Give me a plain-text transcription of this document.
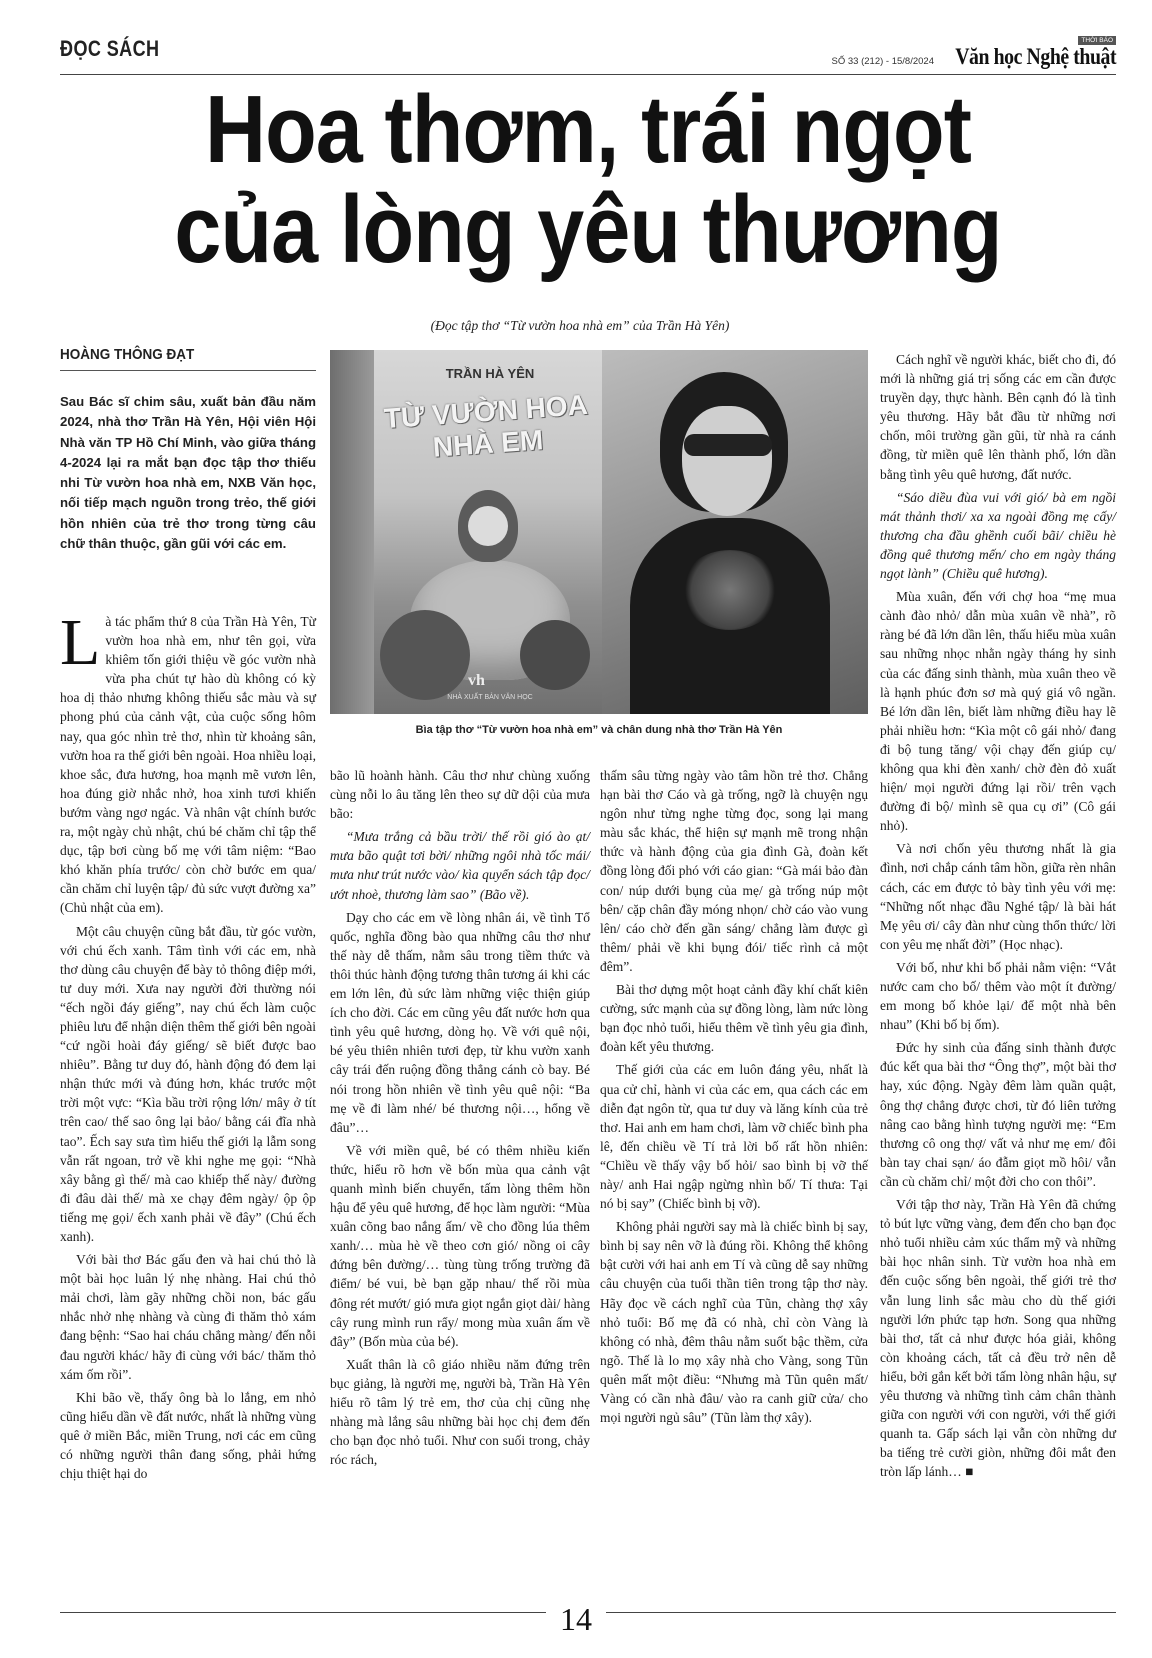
ĐỌC SÁCH
SỐ 33 (212) - 15/8/2024
THỜI BÁO
Văn học Nghệ thuật
Hoa thơm, trái ngọt
của lòng yêu thương
(Đọc tập thơ “Từ vườn hoa nhà em” của Trần Hà Yên)
HOÀNG THÔNG ĐẠT
Sau Bác sĩ chim sâu, xuất bản đầu năm 2024, nhà thơ Trần Hà Yên, Hội viên Hội Nhà văn TP Hồ Chí Minh, vào giữa tháng 4-2024 lại ra mắt bạn đọc tập thơ thiếu nhi Từ vườn hoa nhà em, NXB Văn học, nối tiếp mạch nguồn trong trẻo, thế giới hồn nhiên của trẻ thơ trong từng câu chữ thân thuộc, gần gũi với các em.
TRẦN HÀ YÊN
TỪ VƯỜN HOA NHÀ EM
vh
NHÀ XUẤT BẢN VĂN HỌC
Bìa tập thơ “Từ vườn hoa nhà em” và chân dung nhà thơ Trần Hà Yên

Là tác phẩm thứ 8 của Trần Hà Yên, Từ vườn hoa nhà em, như tên gọi, vừa khiêm tốn giới thiệu về góc vườn nhà vừa pha chút tự hào dù không có kỳ hoa dị thảo nhưng không thiếu sắc màu và sự phong phú của cảnh vật, của cuộc sống hôm nay, qua góc nhìn trẻ thơ, nhìn từ khoảng sân, vườn hoa ra thế giới bên ngoài. Hoa nhiều loại, khoe sắc, đưa hương, hoa mạnh mẽ vươn lên, hoa đúng giờ nhắc nhở, hoa xinh tươi khiến bướm vàng ngơ ngác. Và nhân vật chính bước ra, một ngày chủ nhật, chú bé chăm chỉ tập thể dục, tập bơi cùng bố mẹ với tâm niệm: “Bao khó khăn phía trước/ còn chờ bước em qua/ cần chăm chỉ luyện tập/ đủ sức vượt đường xa” (Chủ nhật của em).

Một câu chuyện cũng bắt đầu, từ góc vườn, với chú ếch xanh. Tâm tình với các em, nhà thơ dùng câu chuyện để bày tỏ thông điệp mới, tư duy mới. Xưa nay người đời thường nói “ếch ngồi đáy giếng”, nay chú ếch làm cuộc phiêu lưu để nhận diện thêm thế giới bên ngoài “cứ ngồi hoài đáy giếng/ sẽ biết được bao nhiêu”. Bằng tư duy đó, hành động đó đem lại nhận thức mới và đúng hơn, khác trước một trời một vực: “Kìa bầu trời rộng lớn/ mây ở tít trên cao/ thế sao ông lại bảo/ bằng cái đĩa nhà tao”. Ếch say sưa tìm hiểu thế giới lạ lẫm song vẫn rất ngoan, trở về khi nghe mẹ gọi: “Nhà xây bằng gì thế/ mà cao khiếp thế này/ đường đi đâu dài thế/ mà xe chạy đêm ngày/ ộp ộp tiếng mẹ gọi/ ếch xanh phải về đây” (Chú ếch xanh).

Với bài thơ Bác gấu đen và hai chú thỏ là một bài học luân lý nhẹ nhàng. Hai chú thỏ mải chơi, làm gãy những chồi non, bác gấu nhắc nhở nhẹ nhàng và cùng đi thăm thỏ xám đang bệnh: “Sao hai cháu chẳng màng/ đến nỗi đau người khác/ hãy đi cùng với bác/ thăm thỏ xám ốm rồi”.

Khi bão về, thấy ông bà lo lắng, em nhỏ cũng hiểu dần về đất nước, nhất là những vùng quê ở miền Bắc, miền Trung, nơi các em cũng có những người thân đang sống, phải hứng chịu thiệt hại do

bão lũ hoành hành. Câu thơ như chùng xuống cùng nỗi lo âu tăng lên theo sự dữ dội của mưa bão:

“Mưa trắng cả bầu trời/ thế rồi gió ào ạt/ mưa bão quật tơi bời/ những ngôi nhà tốc mái/ mưa như trút nước vào/ kìa quyển sách tập đọc/ ướt nhoè, thương làm sao” (Bão về).

Dạy cho các em về lòng nhân ái, về tình Tổ quốc, nghĩa đồng bào qua những câu thơ như thế này dễ thấm, nằm sâu trong tiềm thức và thôi thúc hành động tương thân tương ái khi các em lớn lên, đủ sức làm những việc thiện giúp ích cho đời. Các em cũng yêu đất nước hơn qua tình yêu quê hương, dòng họ. Về với quê nội, bé yêu thiên nhiên tươi đẹp, từ khu vườn xanh cây trái đến ruộng đồng thẳng cánh cò bay. Bé nói trong hồn nhiên về tình yêu quê nội: “Ba mẹ về đi làm nhé/ bé thương nội…, hổng về đâu”…

Về với miền quê, bé có thêm nhiều kiến thức, hiểu rõ hơn về bốn mùa qua cảnh vật quanh mình biến chuyển, tấm lòng thêm hồn hậu để yêu quê hương, để học làm người: “Mùa xuân cõng bao nắng ấm/ về cho đồng lúa thêm xanh/… mùa hè về theo cơn gió/ nồng oi cây đứng bên đường/… tùng tùng trống trường đã điểm/ bé vui, bè bạn gặp nhau/ thế rồi mùa đông rét mướt/ gió mưa giọt ngắn giọt dài/ hàng cây rung mình run rẩy/ mong mùa xuân ấm về đây” (Bốn mùa của bé).

Xuất thân là cô giáo nhiều năm đứng trên bục giảng, là người mẹ, người bà, Trần Hà Yên hiểu rõ tâm lý trẻ em, thơ của chị cũng nhẹ nhàng mà lắng sâu những bài học chị đem đến cho bạn đọc nhỏ tuổi. Như con suối trong, chảy róc rách,

thấm sâu từng ngày vào tâm hồn trẻ thơ. Chẳng hạn bài thơ Cáo và gà trống, ngỡ là chuyện ngụ ngôn như từng nghe từng đọc, song lại mang màu sắc khác, thể hiện sự mạnh mẽ trong nhận thức và hành động của gia đình Gà, đoàn kết đồng lòng đối phó với cáo gian: “Gà mái bảo đàn con/ núp dưới bụng của mẹ/ gà trống núp một bên/ cặp chân đầy móng nhọn/ chờ cáo vào vung lên/ cáo chờ đến gần sáng/ chẳng làm được gì thêm/ phải về khi bụng đói/ tiếc rình cả một đêm”.

Bài thơ dựng một hoạt cảnh đầy khí chất kiên cường, sức mạnh của sự đồng lòng, làm nức lòng bạn đọc nhỏ tuổi, hiểu thêm về tình yêu gia đình, đoàn kết yêu thương.

Thế giới của các em luôn đáng yêu, nhất là qua cử chỉ, hành vi của các em, qua cách các em diễn đạt ngôn từ, qua tư duy và lăng kính của trẻ thơ. Hai anh em ham chơi, làm vỡ chiếc bình pha lê, đến chiều về Tí trả lời bố rất hồn nhiên: “Chiều về thấy vậy bố hỏi/ sao bình bị vỡ thế này/ anh Hai ngập ngừng nhìn bố/ Tí thưa: Tại nó bị say” (Chiếc bình bị vỡ).

Không phải người say mà là chiếc bình bị say, bình bị say nên vỡ là đúng rồi. Không thể không bật cười với hai anh em Tí và cũng dễ say những câu chuyện của tuổi thần tiên trong tập thơ này. Hãy đọc về cách nghĩ của Tũn, chàng thợ xây nhỏ tuổi: Bố mẹ đã có nhà, chỉ còn Vàng là không có nhà, đêm thâu nằm suốt bậc thềm, cửa ngõ. Thế là lo mọ xây nhà cho Vàng, song Tũn quên mất một điều: “Nhưng mà Tũn quên mất/ Vàng có cần nhà đâu/ vào ra canh giữ cửa/ cho mọi người ngủ sâu” (Tũn làm thợ xây).

Cách nghĩ về người khác, biết cho đi, đó mới là những giá trị sống các em cần được truyền dạy, thực hành. Bên cạnh đó là tình yêu thương. Hãy bắt đầu từ những nơi chốn, môi trường gần gũi, từ nhà ra cánh đồng, từ miền quê lên thành phố, lớn dần bằng tình yêu quê hương, đất nước.

“Sáo diều đùa vui với gió/ bà em ngồi mát thảnh thơi/ xa xa ngoài đồng mẹ cấy/ thương cha đầu ghềnh cuối bãi/ chiều hè đồng quê thương mến/ cho em ngày tháng ngọt lành” (Chiều quê hương).

Mùa xuân, đến với chợ hoa “mẹ mua cành đào nhỏ/ dẫn mùa xuân về nhà”, rõ ràng bé đã lớn dần lên, thấu hiểu mùa xuân sau những nhọc nhằn ngày tháng hy sinh của các đấng sinh thành, mùa xuân theo về là hạnh phúc đơn sơ mà quý giá vô ngần. Bé lớn dần lên, biết làm những điều hay lẽ phải nhiều hơn: “Kìa một cô gái nhỏ/ đang đi bộ tung tăng/ vội chạy đến giúp cụ/ không qua khi đèn xanh/ chờ đèn đỏ xuất hiện/ mọi người đứng lại rồi/ trên vạch đường đi bộ/ mình sẽ qua cụ ơi” (Cô gái nhỏ).

Và nơi chốn yêu thương nhất là gia đình, nơi chắp cánh tâm hồn, giữa rèn nhân cách, các em được tỏ bày tình yêu với mẹ: “Những nốt nhạc đầu Nghé tập/ là bài hát Mẹ yêu ơi/ cây đàn như cùng thổn thức/ lời con yêu mẹ nhất đời” (Học nhạc).

Với bố, như khi bố phải nằm viện: “Vắt nước cam cho bố/ thêm vào một ít đường/ em mong bố khỏe lại/ để một nhà bên nhau” (Khi bố bị ốm).

Đức hy sinh của đấng sinh thành được đúc kết qua bài thơ “Ông thợ”, một bài thơ hay, xúc động. Ngày đêm làm quần quật, ông thợ chẳng được chơi, từ đó liên tưởng nâng cao bằng hình tượng người mẹ: “Em thương cô ong thợ/ vất vả như mẹ em/ đôi bàn tay chai sạn/ áo đẫm giọt mồ hôi/ vẫn cần cù chăm chỉ/ một đời cho con thôi”.

Với tập thơ này, Trần Hà Yên đã chứng tỏ bút lực vững vàng, đem đến cho bạn đọc nhỏ tuổi nhiều cảm xúc thẩm mỹ và những bài học nhân sinh. Từ vườn hoa nhà em đến cuộc sống bên ngoài, thế giới trẻ thơ vẫn lung linh sắc màu cho dù thế giới người lớn phức tạp hơn. Song qua những bài thơ, tất cả như được hóa giải, không còn khoảng cách, tất cả đều trở nên dễ hiểu, bởi gắn kết bởi tấm lòng nhân hậu, sự yêu thương và những tình cảm chân thành giữa con người với con người, với thế giới quanh ta. Gấp sách lại vẫn còn những dư ba tiếng trẻ cười giòn, những đôi mắt đen tròn lấp lánh… ■

14
